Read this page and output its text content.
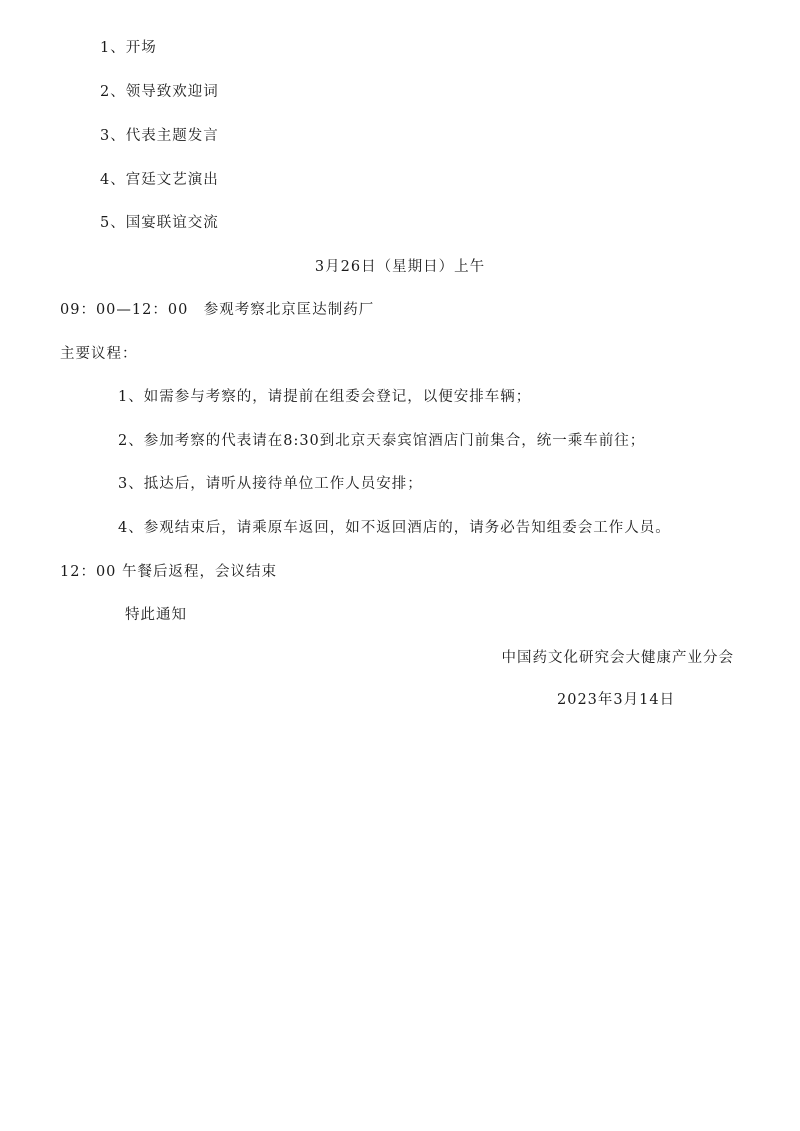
1、开场
2、领导致欢迎词
3、代表主题发言
4、宫廷文艺演出
5、国宴联谊交流
3月26日（星期日）上午
09：00—12：00　参观考察北京匡达制药厂
主要议程：
1、如需参与考察的，请提前在组委会登记，以便安排车辆；
2、参加考察的代表请在8:30到北京天泰宾馆酒店门前集合，统一乘车前往；
3、抵达后，请听从接待单位工作人员安排；
4、参观结束后，请乘原车返回，如不返回酒店的，请务必告知组委会工作人员。
12：00 午餐后返程，会议结束
特此通知
中国药文化研究会大健康产业分会
2023年3月14日
